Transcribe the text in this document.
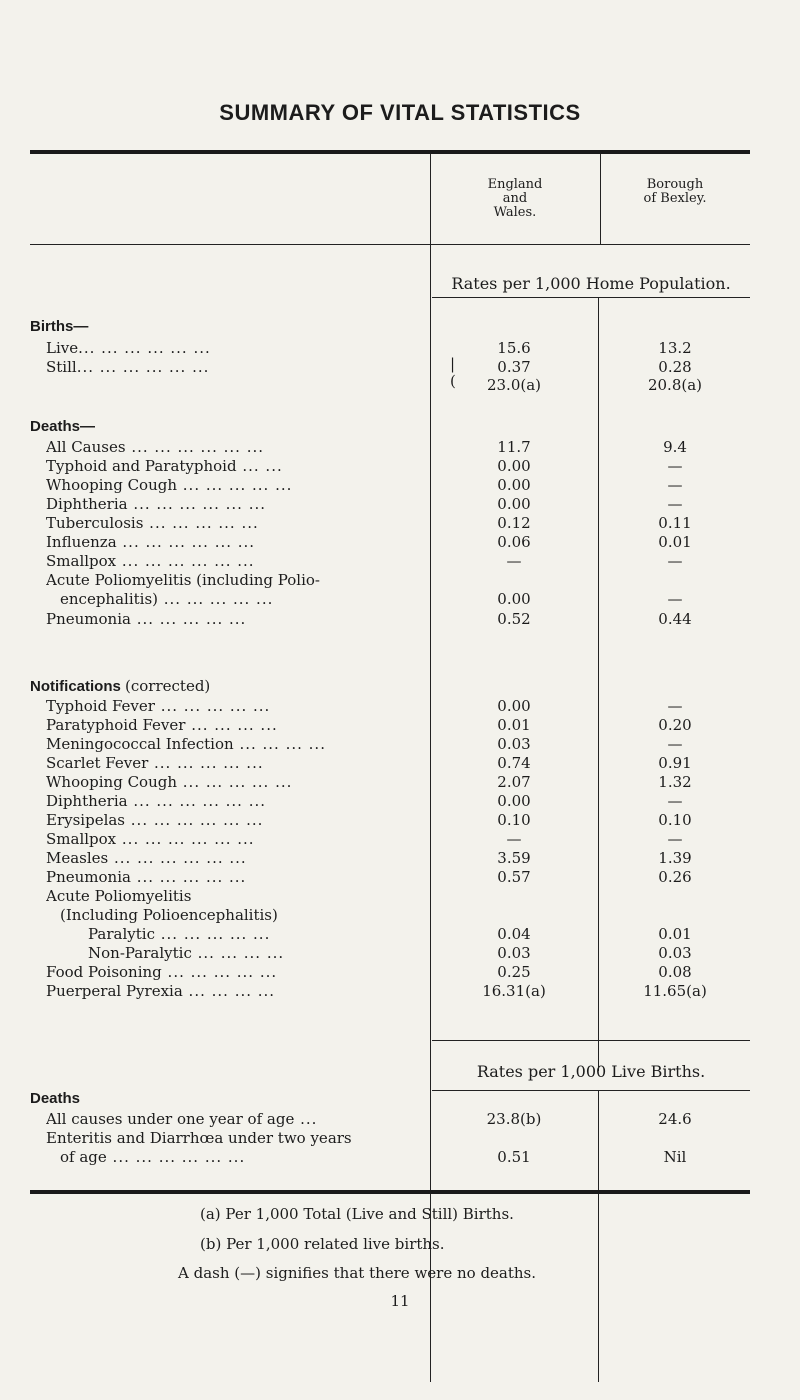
SUMMARY OF VITAL STATISTICS
England and Wales.
Borough of Bexley.
Rates per 1,000 Home Population.
Births—
Deaths—
Notifications (corrected)
Deaths
|
(
Live... ... ... ... ... ...	15.6	13.2
Still... ... ... ... ... ...	0.37	0.28
23.0(a)	20.8(a)
All Causes ... ... ... ... ... ...	11.7	9.4
Typhoid and Paratyphoid ... ...	0.00	—
Whooping Cough ... ... ... ... ...	0.00	—
Diphtheria ... ... ... ... ... ...	0.00	—
Tuberculosis ... ... ... ... ...	0.12	0.11
Influenza ... ... ... ... ... ...	0.06	0.01
Smallpox ... ... ... ... ... ...	—	—
Acute Poliomyelitis (including Polio-
encephalitis) ... ... ... ... ...	0.00	—
Pneumonia ... ... ... ... ...	0.52	0.44
Typhoid Fever ... ... ... ... ...	0.00	—
Paratyphoid Fever ... ... ... ...	0.01	0.20
Meningococcal Infection ... ... ... ...	0.03	—
Scarlet Fever ... ... ... ... ...	0.74	0.91
Whooping Cough ... ... ... ... ...	2.07	1.32
Diphtheria ... ... ... ... ... ...	0.00	—
Erysipelas ... ... ... ... ... ...	0.10	0.10
Smallpox ... ... ... ... ... ...	—	—
Measles ... ... ... ... ... ...	3.59	1.39
Pneumonia ... ... ... ... ...	0.57	0.26
Acute Poliomyelitis
(Including Polioencephalitis)
Paralytic ... ... ... ... ...	0.04	0.01
Non-Paralytic ... ... ... ...	0.03	0.03
Food Poisoning ... ... ... ... ...	0.25	0.08
Puerperal Pyrexia ... ... ... ...	16.31(a)	11.65(a)
Rates per 1,000 Live Births.
All causes under one year of age ...	23.8(b)	24.6
Enteritis and Diarrhœa under two years
of age ... ... ... ... ... ...	0.51	Nil
(a) Per 1,000 Total (Live and Still) Births.
(b) Per 1,000 related live births.
A dash (—) signifies that there were no deaths.
11
